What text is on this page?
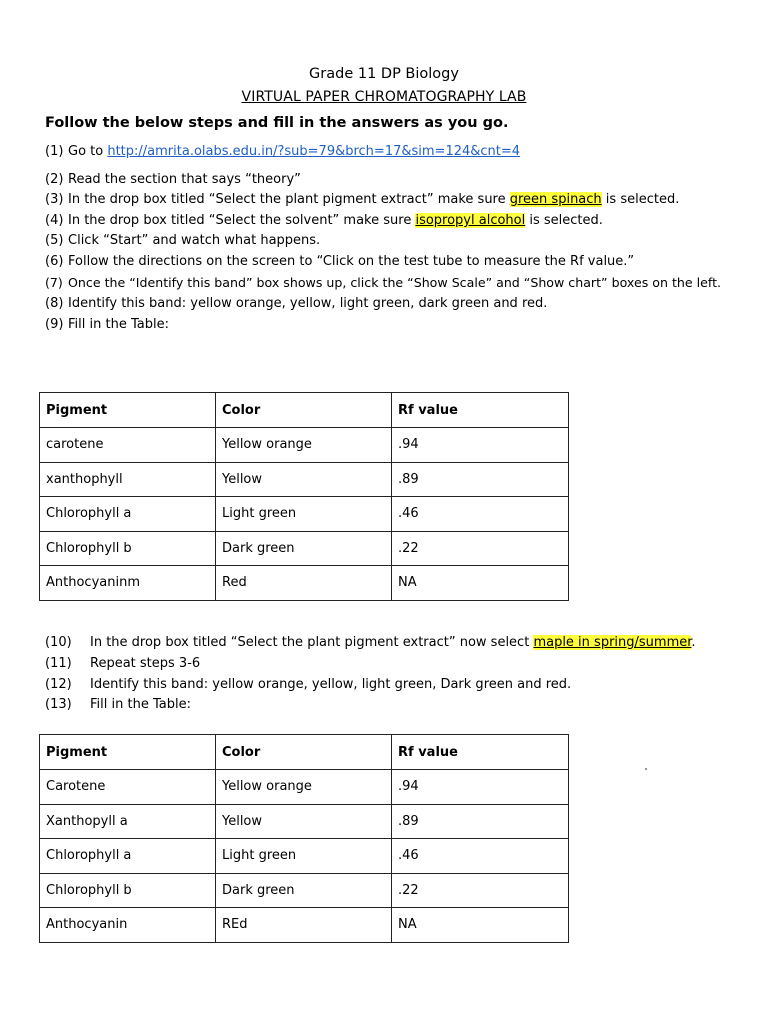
Grade 11 DP Biology
VIRTUAL PAPER CHROMATOGRAPHY LAB
Follow the below steps and fill in the answers as you go.
(1) Go to http://amrita.olabs.edu.in/?sub=79&brch=17&sim=124&cnt=4
(2) Read the section that says “theory”
(3) In the drop box titled “Select the plant pigment extract” make sure green spinach is selected.
(4) In the drop box titled “Select the solvent” make sure isopropyl alcohol is selected.
(5) Click “Start” and watch what happens.
(6) Follow the directions on the screen to “Click on the test tube to measure the Rf value.”
(7) Once the “Identify this band” box shows up, click the “Show Scale” and “Show chart” boxes on the left.
(8) Identify this band: yellow orange, yellow, light green, dark green and red.
(9) Fill in the Table:
Pigment	Color	Rf value
carotene	Yellow orange	.94
xanthophyll	Yellow	.89
Chlorophyll a	Light green	.46
Chlorophyll b	Dark green	.22
Anthocyaninm	Red	NA
(10) In the drop box titled “Select the plant pigment extract” now select maple in spring/summer.
(11) Repeat steps 3-6
(12) Identify this band: yellow orange, yellow, light green, Dark green and red.
(13) Fill in the Table:
Pigment	Color	Rf value
Carotene	Yellow orange	.94
Xanthopyll a	Yellow	.89
Chlorophyll a	Light green	.46
Chlorophyll b	Dark green	.22
Anthocyanin	REd	NA
